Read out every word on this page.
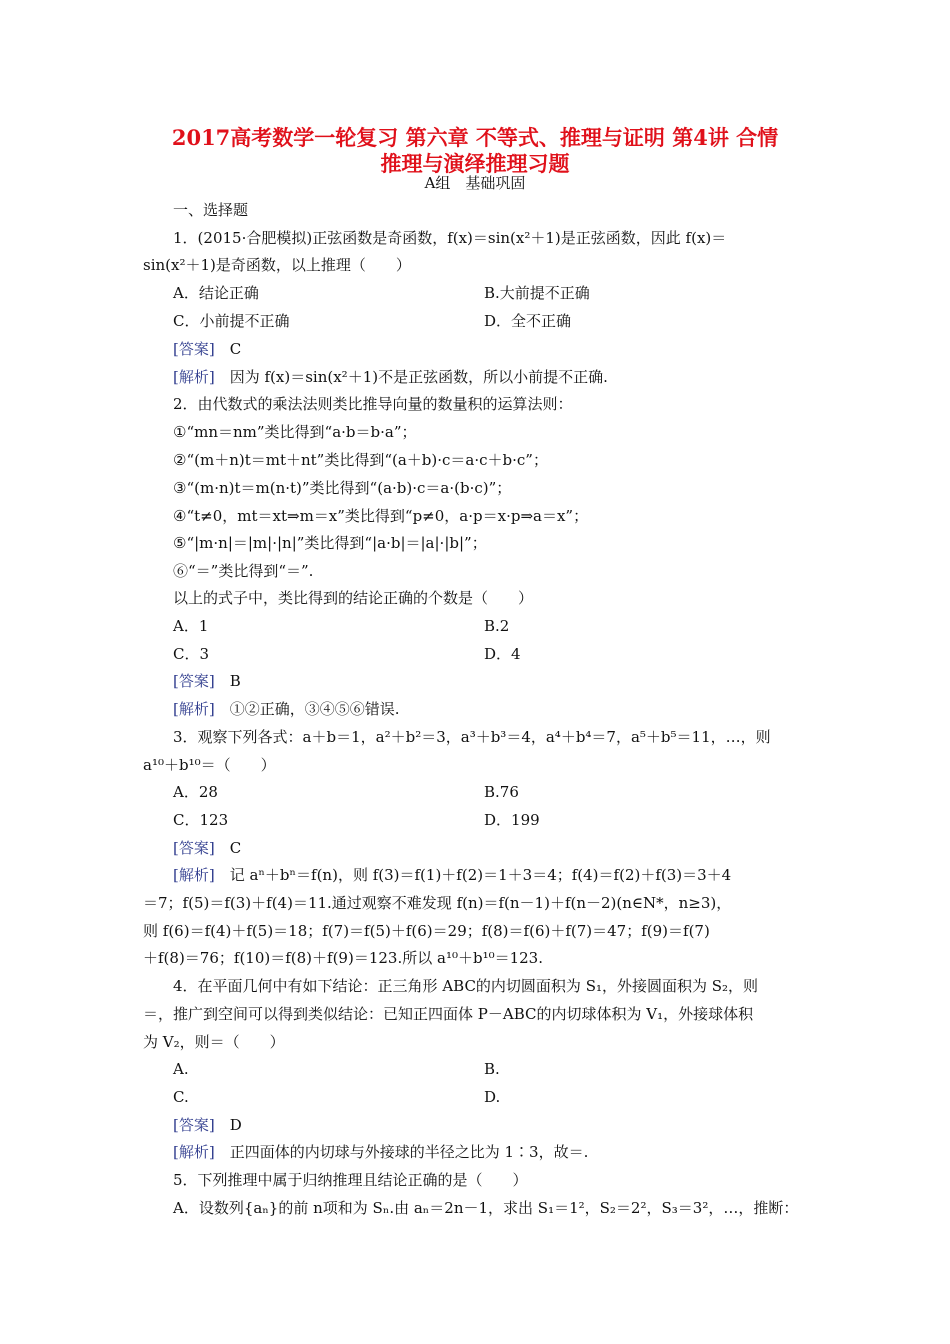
2017高考数学一轮复习 第六章 不等式、推理与证明 第4讲 合情
推理与演绎推理习题
A组　基础巩固
一、选择题
1．(2015·合肥模拟)正弦函数是奇函数，f(x)＝sin(x²＋1)是正弦函数，因此 f(x)＝
sin(x²＋1)是奇函数，以上推理（　　）
A．结论正确	B.大前提不正确
C．小前提不正确	D．全不正确
[答案]　 C
[解析]　 因为 f(x)＝sin(x²＋1)不是正弦函数，所以小前提不正确.
2．由代数式的乘法法则类比推导向量的数量积的运算法则：
①“mn＝nm”类比得到“a·b＝b·a”；
②“(m＋n)t＝mt＋nt”类比得到“(a＋b)·c＝a·c＋b·c”；
③“(m·n)t＝m(n·t)”类比得到“(a·b)·c＝a·(b·c)”；
④“t≠0，mt＝xt⇒m＝x”类比得到“p≠0，a·p＝x·p⇒a＝x”；
⑤“|m·n|＝|m|·|n|”类比得到“|a·b|＝|a|·|b|”；
⑥“＝”类比得到“＝”.
以上的式子中，类比得到的结论正确的个数是（　　）
A．1	B.2
C．3	D．4
[答案]　 B
[解析]　 ①②正确，③④⑤⑥错误.
3．观察下列各式：a＋b＝1，a²＋b²＝3，a³＋b³＝4，a⁴＋b⁴＝7，a⁵＋b⁵＝11，…，则
a¹⁰＋b¹⁰＝（　　）
A．28	B.76
C．123	D．199
[答案]　 C
[解析]　 记 aⁿ＋bⁿ＝f(n)，则 f(3)＝f(1)＋f(2)＝1＋3＝4；f(4)＝f(2)＋f(3)＝3＋4
＝7；f(5)＝f(3)＋f(4)＝11.通过观察不难发现 f(n)＝f(n－1)＋f(n－2)(n∈N*，n≥3)，
则 f(6)＝f(4)＋f(5)＝18；f(7)＝f(5)＋f(6)＝29；f(8)＝f(6)＋f(7)＝47；f(9)＝f(7)
＋f(8)＝76；f(10)＝f(8)＋f(9)＝123.所以 a¹⁰＋b¹⁰＝123.
4．在平面几何中有如下结论：正三角形 ABC的内切圆面积为 S₁，外接圆面积为 S₂，则
＝，推广到空间可以得到类似结论：已知正四面体 P－ABC的内切球体积为 V₁，外接球体积
为 V₂，则＝（　　）
A.	B.
C.	D.
[答案]　 D
[解析]　 正四面体的内切球与外接球的半径之比为 1∶3，故＝.
5．下列推理中属于归纳推理且结论正确的是（　　）
A．设数列{aₙ}的前 n项和为 Sₙ.由 aₙ＝2n－1，求出 S₁＝1²，S₂＝2²，S₃＝3²，…，推断：
